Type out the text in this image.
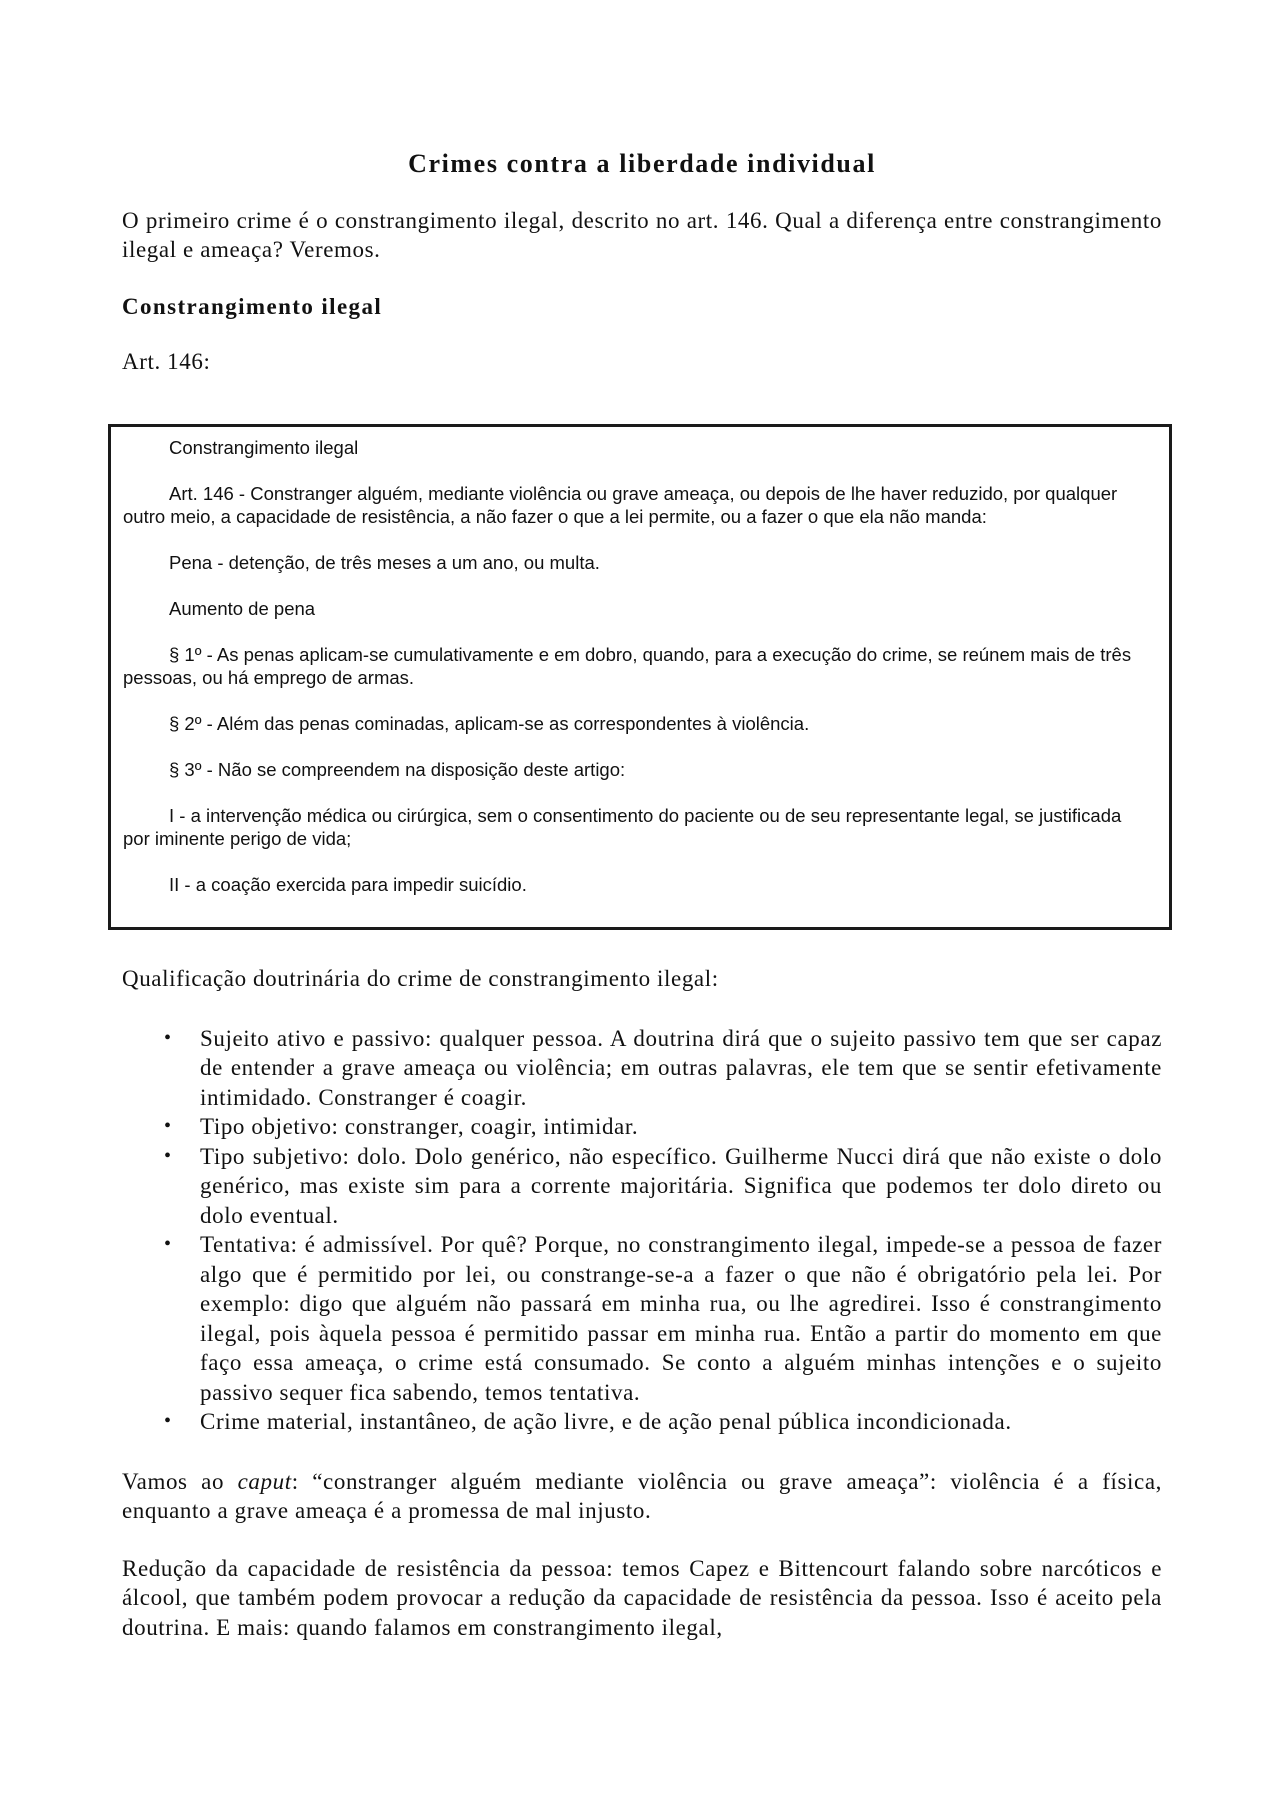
Crimes contra a liberdade individual

O primeiro crime é o constrangimento ilegal, descrito no art. 146. Qual a diferença entre constrangimento ilegal e ameaça? Veremos.

Constrangimento ilegal
Art. 146:
Constrangimento ilegal
Art. 146 - Constranger alguém, mediante violência ou grave ameaça, ou depois de lhe haver reduzido, por qualquer outro meio, a capacidade de resistência, a não fazer o que a lei permite, ou a fazer o que ela não manda:
Pena - detenção, de três meses a um ano, ou multa.
Aumento de pena
§ 1º - As penas aplicam-se cumulativamente e em dobro, quando, para a execução do crime, se reúnem mais de três pessoas, ou há emprego de armas.
§ 2º - Além das penas cominadas, aplicam-se as correspondentes à violência.
§ 3º - Não se compreendem na disposição deste artigo:
I - a intervenção médica ou cirúrgica, sem o consentimento do paciente ou de seu representante legal, se justificada por iminente perigo de vida;
II - a coação exercida para impedir suicídio.

Qualificação doutrinária do crime de constrangimento ilegal:

• Sujeito ativo e passivo: qualquer pessoa. A doutrina dirá que o sujeito passivo tem que ser capaz de entender a grave ameaça ou violência; em outras palavras, ele tem que se sentir efetivamente intimidado. Constranger é coagir.
• Tipo objetivo: constranger, coagir, intimidar.
• Tipo subjetivo: dolo. Dolo genérico, não específico. Guilherme Nucci dirá que não existe o dolo genérico, mas existe sim para a corrente majoritária. Significa que podemos ter dolo direto ou dolo eventual.
• Tentativa: é admissível. Por quê? Porque, no constrangimento ilegal, impede-se a pessoa de fazer algo que é permitido por lei, ou constrange-se-a a fazer o que não é obrigatório pela lei. Por exemplo: digo que alguém não passará em minha rua, ou lhe agredirei. Isso é constrangimento ilegal, pois àquela pessoa é permitido passar em minha rua. Então a partir do momento em que faço essa ameaça, o crime está consumado. Se conto a alguém minhas intenções e o sujeito passivo sequer fica sabendo, temos tentativa.
• Crime material, instantâneo, de ação livre, e de ação penal pública incondicionada.

Vamos ao caput: “constranger alguém mediante violência ou grave ameaça”: violência é a física, enquanto a grave ameaça é a promessa de mal injusto.

Redução da capacidade de resistência da pessoa: temos Capez e Bittencourt falando sobre narcóticos e álcool, que também podem provocar a redução da capacidade de resistência da pessoa. Isso é aceito pela doutrina. E mais: quando falamos em constrangimento ilegal,
